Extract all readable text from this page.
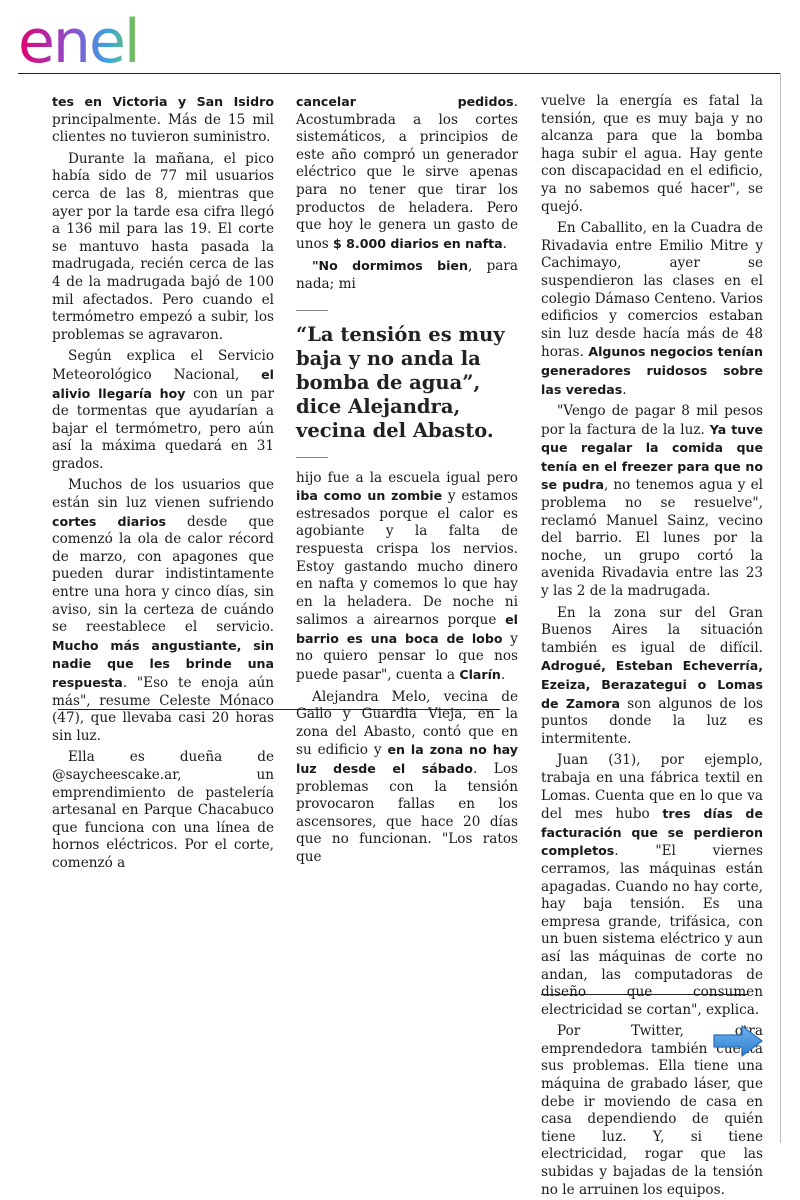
enel

tes en Victoria y San Isidro principalmente. Más de 15 mil clientes no tuvieron suministro.

Durante la mañana, el pico había sido de 77 mil usuarios cerca de las 8, mientras que ayer por la tarde esa cifra llegó a 136 mil para las 19. El corte se mantuvo hasta pasada la madrugada, recién cerca de las 4 de la madrugada bajó de 100 mil afectados. Pero cuando el termómetro empezó a subir, los problemas se agravaron.

Según explica el Servicio Meteorológico Nacional, el alivio llegaría hoy con un par de tormentas que ayudarían a bajar el termómetro, pero aún así la máxima quedará en 31 grados.

Muchos de los usuarios que están sin luz vienen sufriendo cortes diarios desde que comenzó la ola de calor récord de marzo, con apagones que pueden durar indistintamente entre una hora y cinco días, sin aviso, sin la certeza de cuándo se reestablece el servicio. Mucho más angustiante, sin nadie que les brinde una respuesta. "Eso te enoja aún más", resume Celeste Mónaco (47), que llevaba casi 20 horas sin luz.

Ella es dueña de @saycheescake.ar, un emprendimiento de pastelería artesanal en Parque Chacabuco que funciona con una línea de hornos eléctricos. Por el corte, comenzó a

cancelar pedidos. Acostumbrada a los cortes sistemáticos, a principios de este año compró un generador eléctrico que le sirve apenas para no tener que tirar los productos de heladera. Pero que hoy le genera un gasto de unos $ 8.000 diarios en nafta.

"No dormimos bien, para nada; mi

“La tensión es muy baja y no anda la bomba de agua”, dice Alejandra, vecina del Abasto.

hijo fue a la escuela igual pero iba como un zombie y estamos estresados porque el calor es agobiante y la falta de respuesta crispa los nervios. Estoy gastando mucho dinero en nafta y comemos lo que hay en la heladera. De noche ni salimos a airearnos porque el barrio es una boca de lobo y no quiero pensar lo que nos puede pasar", cuenta a Clarín.

Alejandra Melo, vecina de Gallo y Guardia Vieja, en la zona del Abasto, contó que en su edificio y en la zona no hay luz desde el sábado. Los problemas con la tensión provocaron fallas en los ascensores, que hace 20 días que no funcionan. "Los ratos que

vuelve la energía es fatal la tensión, que es muy baja y no alcanza para que la bomba haga subir el agua. Hay gente con discapacidad en el edificio, ya no sabemos qué hacer", se quejó.

En Caballito, en la Cuadra de Rivadavia entre Emilio Mitre y Cachimayo, ayer se suspendieron las clases en el colegio Dámaso Centeno. Varios edificios y comercios estaban sin luz desde hacía más de 48 horas. Algunos negocios tenían generadores ruidosos sobre las veredas.

"Vengo de pagar 8 mil pesos por la factura de la luz. Ya tuve que regalar la comida que tenía en el freezer para que no se pudra, no tenemos agua y el problema no se resuelve", reclamó Manuel Sainz, vecino del barrio. El lunes por la noche, un grupo cortó la avenida Rivadavia entre las 23 y las 2 de la madrugada.

En la zona sur del Gran Buenos Aires la situación también es igual de difícil. Adrogué, Esteban Echeverría, Ezeiza, Berazategui o Lomas de Zamora son algunos de los puntos donde la luz es intermitente.

Juan (31), por ejemplo, trabaja en una fábrica textil en Lomas. Cuenta que en lo que va del mes hubo tres días de facturación que se perdieron completos. "El viernes cerramos, las máquinas están apagadas. Cuando no hay corte, hay baja tensión. Es una empresa grande, trifásica, con un buen sistema eléctrico y aun así las máquinas de corte no andan, las computadoras de diseño que consumen electricidad se cortan", explica.

Por Twitter, otra emprendedora también cuenta sus problemas. Ella tiene una máquina de grabado láser, que debe ir moviendo de casa en casa dependiendo de quién tiene luz. Y, si tiene electricidad, rogar que las subidas y bajadas de la tensión no le arruinen los equipos.
